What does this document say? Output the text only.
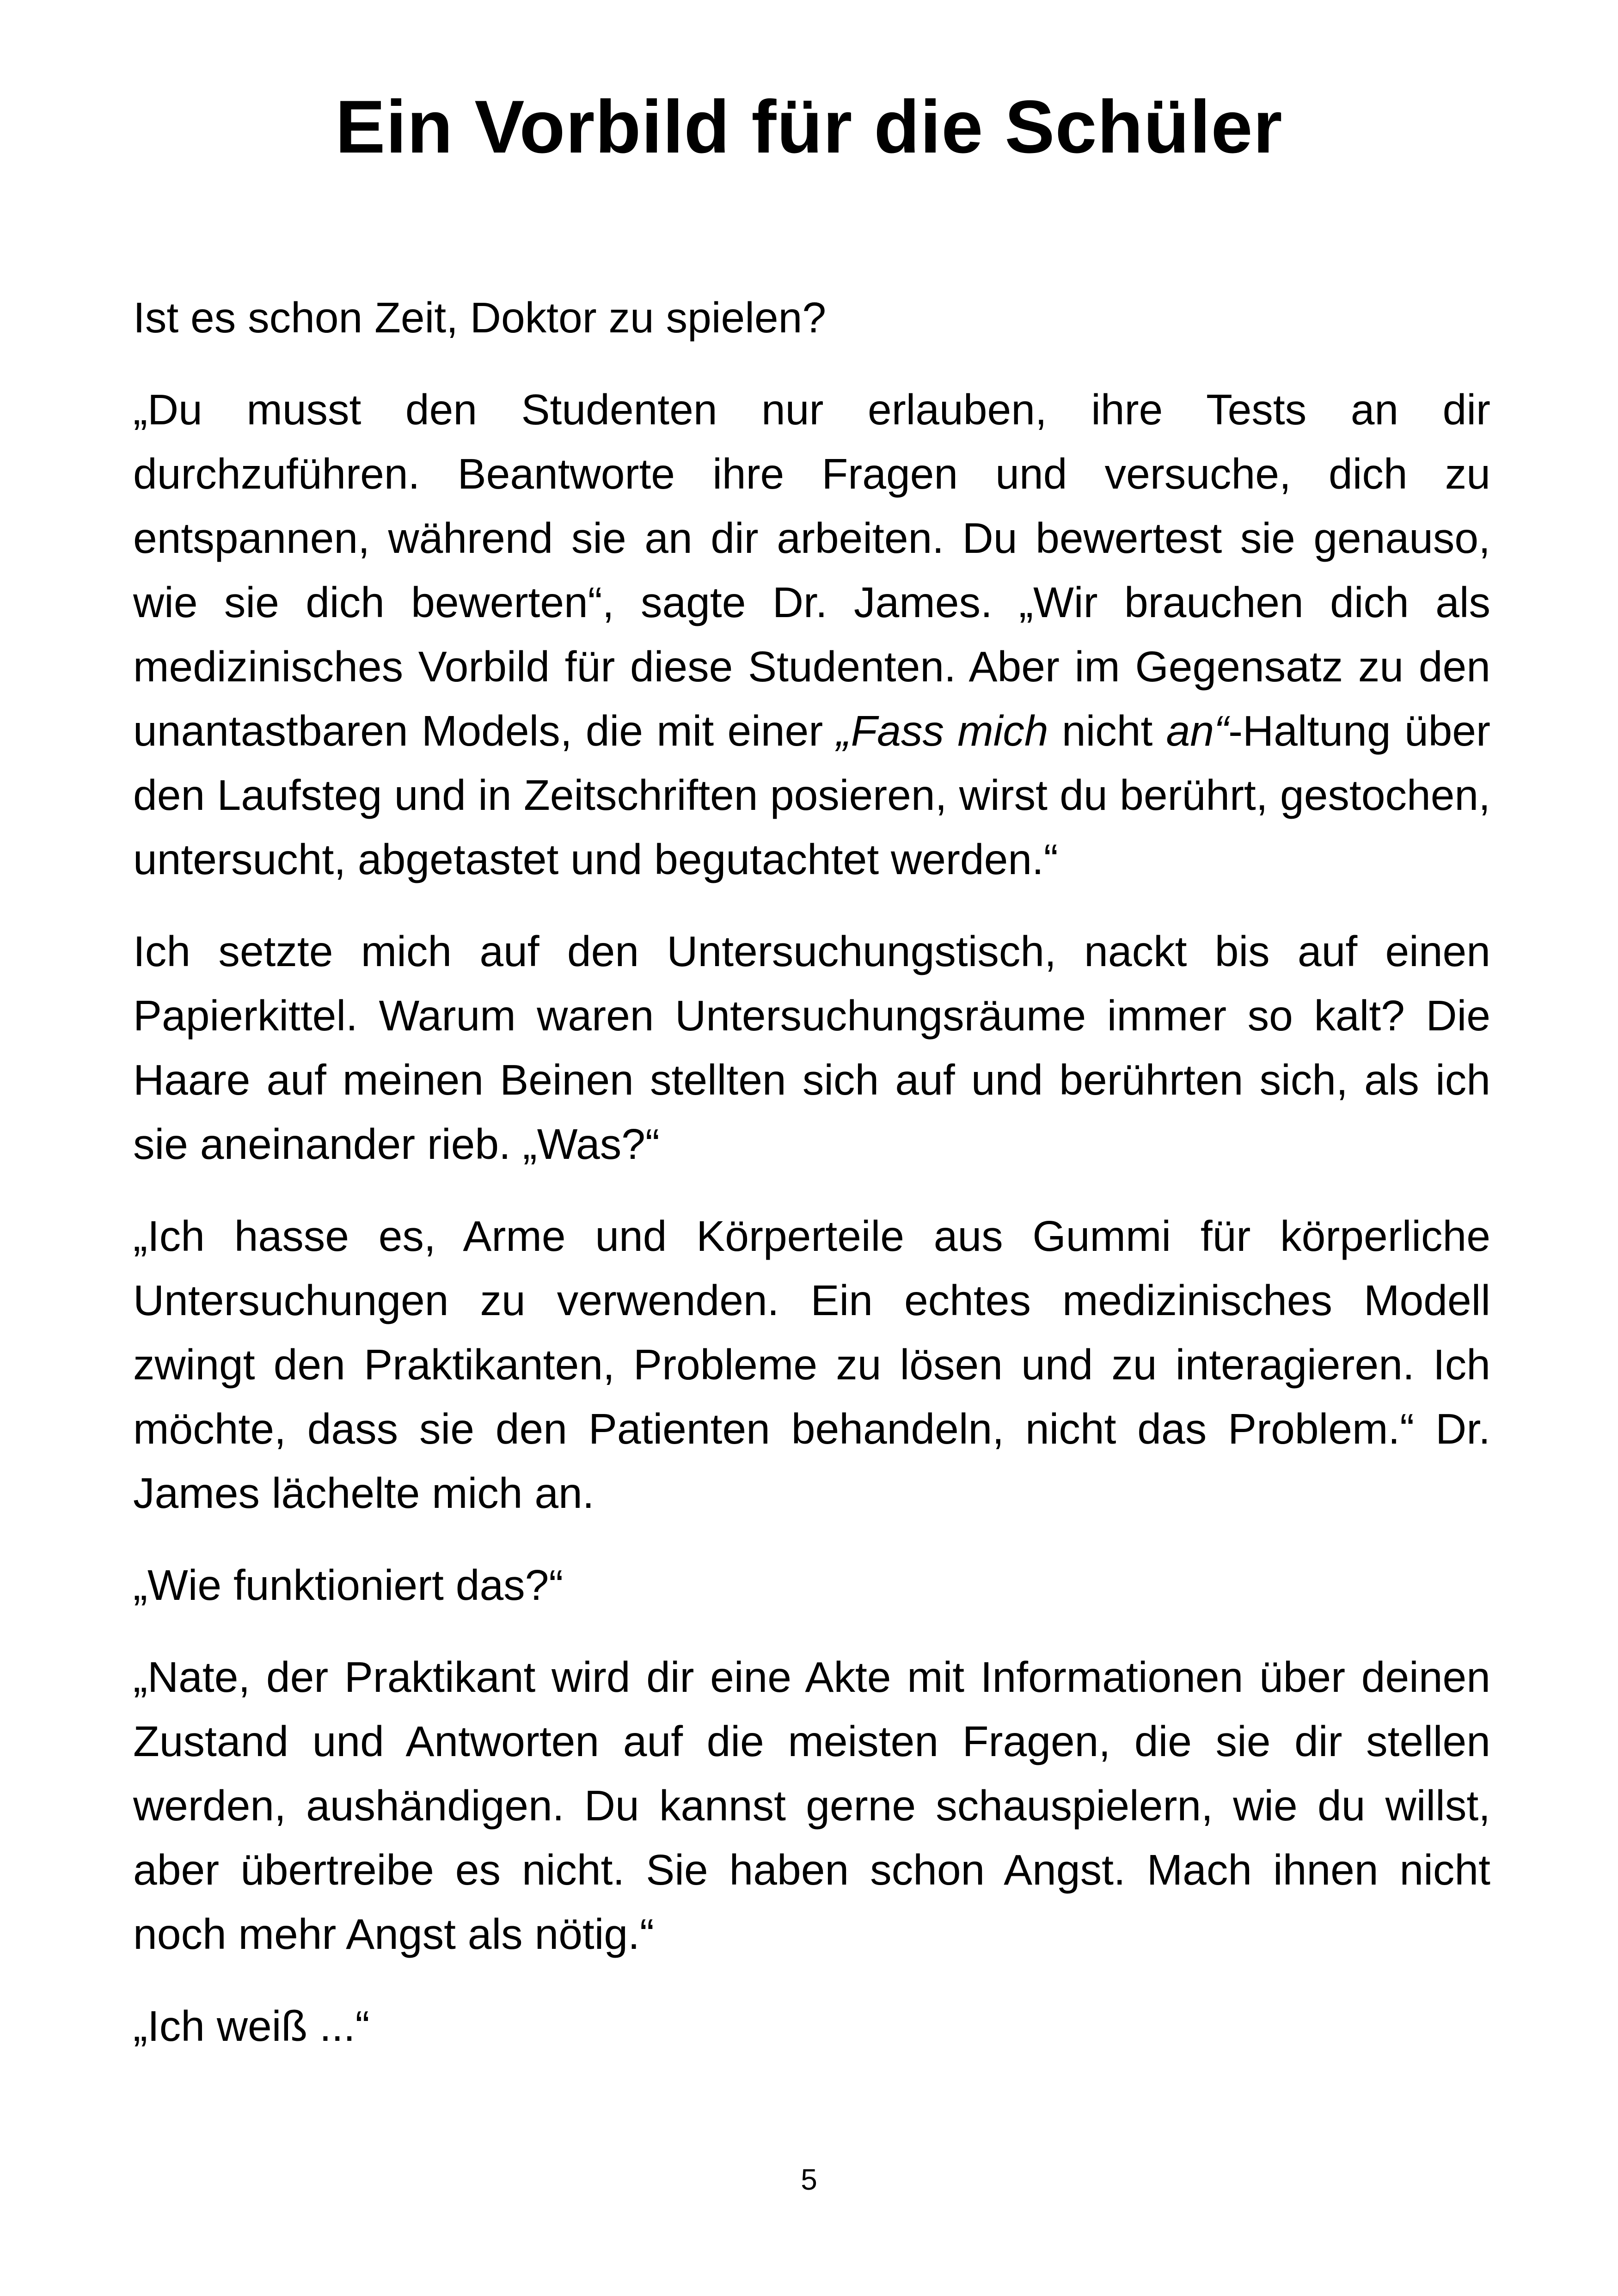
Ein Vorbild für die Schüler

Ist es schon Zeit, Doktor zu spielen?

„Du musst den Studenten nur erlauben, ihre Tests an dir durchzuführen. Beantworte ihre Fragen und versuche, dich zu entspannen, während sie an dir arbeiten. Du bewertest sie genauso, wie sie dich bewerten“, sagte Dr. James. „Wir brauchen dich als medizinisches Vorbild für diese Studenten. Aber im Gegensatz zu den unantastbaren Models, die mit einer „Fass mich nicht an“-Haltung über den Laufsteg und in Zeitschriften posieren, wirst du berührt, gestochen, untersucht, abgetastet und begutachtet werden.“

Ich setzte mich auf den Untersuchungstisch, nackt bis auf einen Papierkittel. Warum waren Untersuchungsräume immer so kalt? Die Haare auf meinen Beinen stellten sich auf und berührten sich, als ich sie aneinander rieb. „Was?“

„Ich hasse es, Arme und Körperteile aus Gummi für körperliche Untersuchungen zu verwenden. Ein echtes medizinisches Modell zwingt den Praktikanten, Probleme zu lösen und zu interagieren. Ich möchte, dass sie den Patienten behandeln, nicht das Problem.“ Dr. James lächelte mich an.

„Wie funktioniert das?“

„Nate, der Praktikant wird dir eine Akte mit Informationen über deinen Zustand und Antworten auf die meisten Fragen, die sie dir stellen werden, aushändigen. Du kannst gerne schauspielern, wie du willst, aber übertreibe es nicht. Sie haben schon Angst. Mach ihnen nicht noch mehr Angst als nötig.“

„Ich weiß ...“

5
